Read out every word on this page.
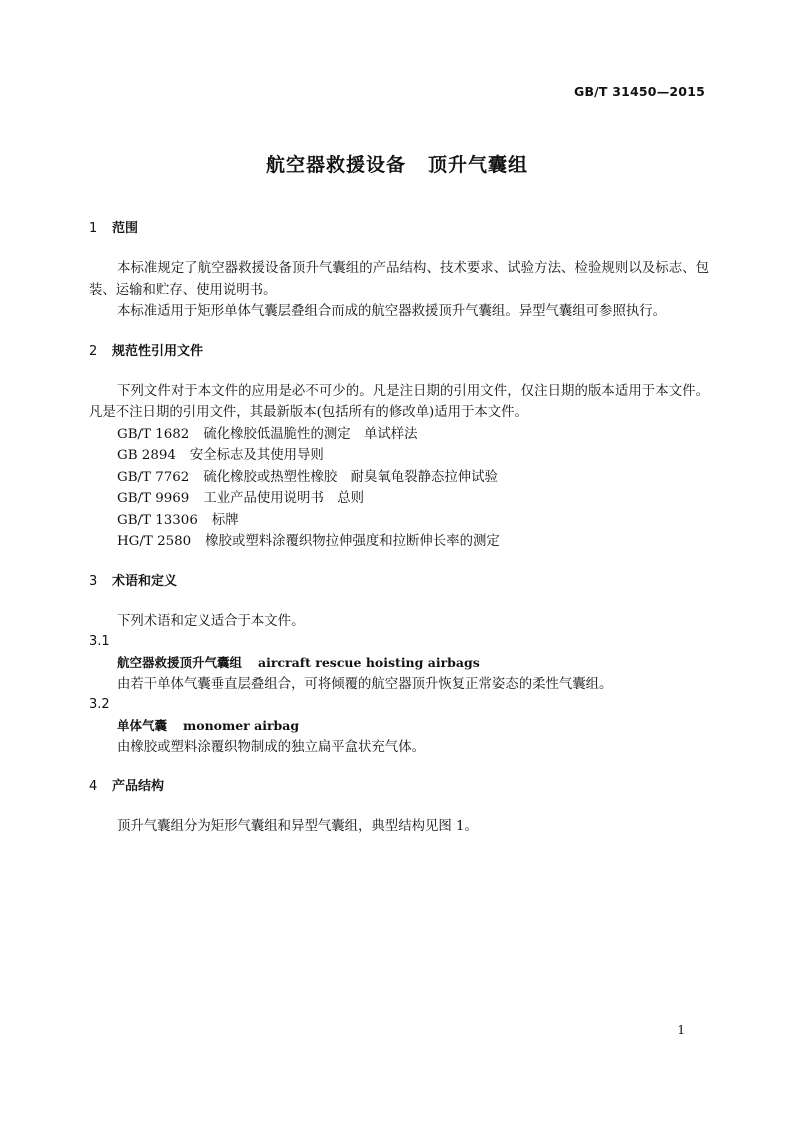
GB/T 31450—2015
航空器救援设备 顶升气囊组
1 范围
本标准规定了航空器救援设备顶升气囊组的产品结构、技术要求、试验方法、检验规则以及标志、包装、运输和贮存、使用说明书。
本标准适用于矩形单体气囊层叠组合而成的航空器救援顶升气囊组。异型气囊组可参照执行。
2 规范性引用文件
下列文件对于本文件的应用是必不可少的。凡是注日期的引用文件，仅注日期的版本适用于本文件。凡是不注日期的引用文件，其最新版本(包括所有的修改单)适用于本文件。
GB/T 1682 硫化橡胶低温脆性的测定　单试样法
GB 2894 安全标志及其使用导则
GB/T 7762 硫化橡胶或热塑性橡胶　耐臭氧龟裂静态拉伸试验
GB/T 9969 工业产品使用说明书　总则
GB/T 13306 标牌
HG/T 2580 橡胶或塑料涂覆织物拉伸强度和拉断伸长率的测定
3 术语和定义
下列术语和定义适合于本文件。
3.1
航空器救援顶升气囊组 aircraft rescue hoisting airbags
由若干单体气囊垂直层叠组合，可将倾覆的航空器顶升恢复正常姿态的柔性气囊组。
3.2
单体气囊 monomer airbag
由橡胶或塑料涂覆织物制成的独立扁平盒状充气体。
4 产品结构
顶升气囊组分为矩形气囊组和异型气囊组，典型结构见图 1。
1
